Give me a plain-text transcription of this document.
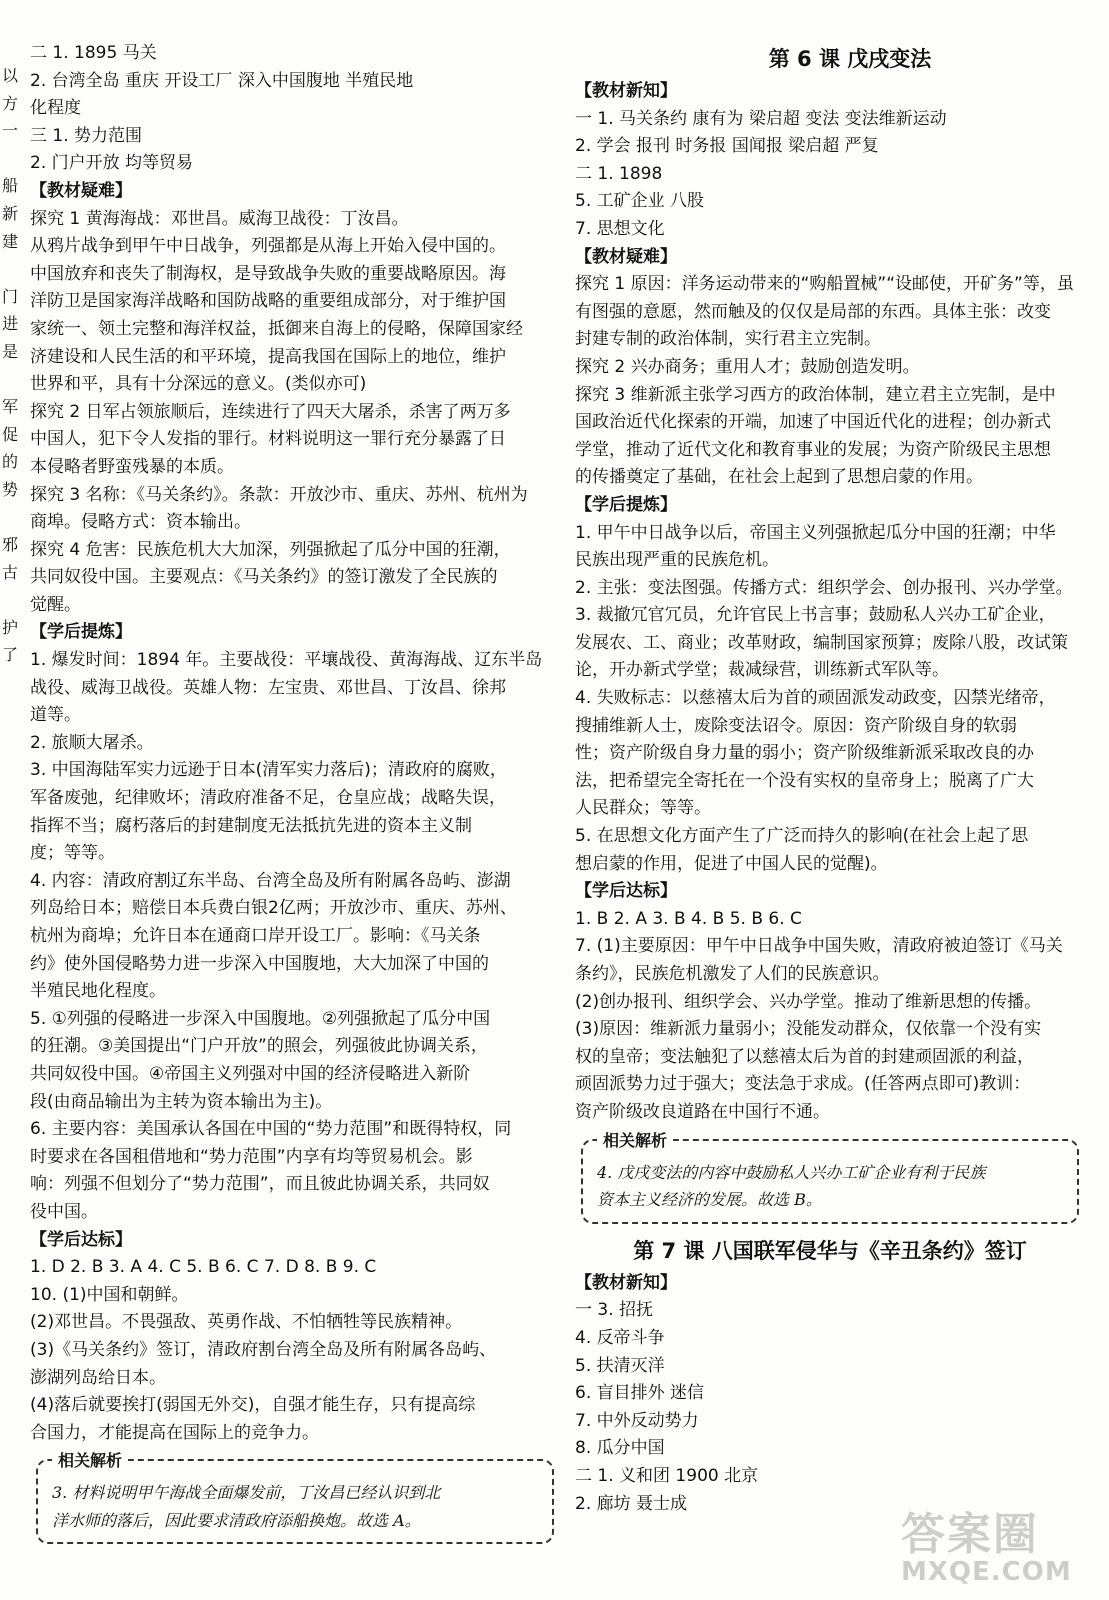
以
方
一
船
新
建
门
进
是
军
促
的
势
邪
古
护
了
二 1. 1895 马关
2. 台湾全岛 重庆 开设工厂 深入中国腹地 半殖民地
化程度
三 1. 势力范围
2. 门户开放 均等贸易
【教材疑难】
探究 1 黄海海战：邓世昌。威海卫战役：丁汝昌。
从鸦片战争到甲午中日战争，列强都是从海上开始入侵中国的。
中国放弃和丧失了制海权，是导致战争失败的重要战略原因。海
洋防卫是国家海洋战略和国防战略的重要组成部分，对于维护国
家统一、领土完整和海洋权益，抵御来自海上的侵略，保障国家经
济建设和人民生活的和平环境，提高我国在国际上的地位，维护
世界和平，具有十分深远的意义。(类似亦可)
探究 2 日军占领旅顺后，连续进行了四天大屠杀，杀害了两万多
中国人，犯下令人发指的罪行。材料说明这一罪行充分暴露了日
本侵略者野蛮残暴的本质。
探究 3 名称：《马关条约》。条款：开放沙市、重庆、苏州、杭州为
商埠。侵略方式：资本输出。
探究 4 危害：民族危机大大加深，列强掀起了瓜分中国的狂潮，
共同奴役中国。主要观点：《马关条约》的签订激发了全民族的
觉醒。
【学后提炼】
1. 爆发时间：1894 年。主要战役：平壤战役、黄海海战、辽东半岛
战役、威海卫战役。英雄人物：左宝贵、邓世昌、丁汝昌、徐邦
道等。
2. 旅顺大屠杀。
3. 中国海陆军实力远逊于日本(清军实力落后)；清政府的腐败，
军备废弛，纪律败坏；清政府准备不足，仓皇应战；战略失误，
指挥不当；腐朽落后的封建制度无法抵抗先进的资本主义制
度；等等。
4. 内容：清政府割辽东半岛、台湾全岛及所有附属各岛屿、澎湖
列岛给日本；赔偿日本兵费白银2亿两；开放沙市、重庆、苏州、
杭州为商埠；允许日本在通商口岸开设工厂。影响：《马关条
约》使外国侵略势力进一步深入中国腹地，大大加深了中国的
半殖民地化程度。
5. ①列强的侵略进一步深入中国腹地。②列强掀起了瓜分中国
的狂潮。③美国提出“门户开放”的照会，列强彼此协调关系，
共同奴役中国。④帝国主义列强对中国的经济侵略进入新阶
段(由商品输出为主转为资本输出为主)。
6. 主要内容：美国承认各国在中国的“势力范围”和既得特权，同
时要求在各国租借地和“势力范围”内享有均等贸易机会。影
响：列强不但划分了“势力范围”，而且彼此协调关系，共同奴
役中国。
【学后达标】
1. D 2. B 3. A 4. C 5. B 6. C 7. D 8. B 9. C
10. (1)中国和朝鲜。
(2)邓世昌。不畏强敌、英勇作战、不怕牺牲等民族精神。
(3)《马关条约》签订，清政府割台湾全岛及所有附属各岛屿、
澎湖列岛给日本。
(4)落后就要挨打(弱国无外交)，自强才能生存，只有提高综
合国力，才能提高在国际上的竞争力。
相关解析
3. 材料说明甲午海战全面爆发前，丁汝昌已经认识到北
洋水师的落后，因此要求清政府添船换炮。故选 A。
第 6 课 戊戌变法
【教材新知】
一 1. 马关条约 康有为 梁启超 变法 变法维新运动
2. 学会 报刊 时务报 国闻报 梁启超 严复
二 1. 1898
5. 工矿企业 八股
7. 思想文化
【教材疑难】
探究 1 原因：洋务运动带来的“购船置械”“设邮使，开矿务”等，虽
有图强的意愿，然而触及的仅仅是局部的东西。具体主张：改变
封建专制的政治体制，实行君主立宪制。
探究 2 兴办商务；重用人才；鼓励创造发明。
探究 3 维新派主张学习西方的政治体制，建立君主立宪制，是中
国政治近代化探索的开端，加速了中国近代化的进程；创办新式
学堂，推动了近代文化和教育事业的发展；为资产阶级民主思想
的传播奠定了基础，在社会上起到了思想启蒙的作用。
【学后提炼】
1. 甲午中日战争以后，帝国主义列强掀起瓜分中国的狂潮；中华
民族出现严重的民族危机。
2. 主张：变法图强。传播方式：组织学会、创办报刊、兴办学堂。
3. 裁撤冗官冗员，允许官民上书言事；鼓励私人兴办工矿企业，
发展农、工、商业；改革财政，编制国家预算；废除八股，改试策
论，开办新式学堂；裁减绿营，训练新式军队等。
4. 失败标志：以慈禧太后为首的顽固派发动政变，囚禁光绪帝，
搜捕维新人士，废除变法诏令。原因：资产阶级自身的软弱
性；资产阶级自身力量的弱小；资产阶级维新派采取改良的办
法，把希望完全寄托在一个没有实权的皇帝身上；脱离了广大
人民群众；等等。
5. 在思想文化方面产生了广泛而持久的影响(在社会上起了思
想启蒙的作用，促进了中国人民的觉醒)。
【学后达标】
1. B 2. A 3. B 4. B 5. B 6. C
7. (1)主要原因：甲午中日战争中国失败，清政府被迫签订《马关
条约》，民族危机激发了人们的民族意识。
(2)创办报刊、组织学会、兴办学堂。推动了维新思想的传播。
(3)原因：维新派力量弱小；没能发动群众，仅依靠一个没有实
权的皇帝；变法触犯了以慈禧太后为首的封建顽固派的利益，
顽固派势力过于强大；变法急于求成。(任答两点即可)教训：
资产阶级改良道路在中国行不通。
相关解析
4. 戊戌变法的内容中鼓励私人兴办工矿企业有利于民族
资本主义经济的发展。故选 B。
第 7 课 八国联军侵华与《辛丑条约》签订
【教材新知】
一 3. 招抚
4. 反帝斗争
5. 扶清灭洋
6. 盲目排外 迷信
7. 中外反动势力
8. 瓜分中国
二 1. 义和团 1900 北京
2. 廊坊 聂士成
答案圈
MXQE.COM
